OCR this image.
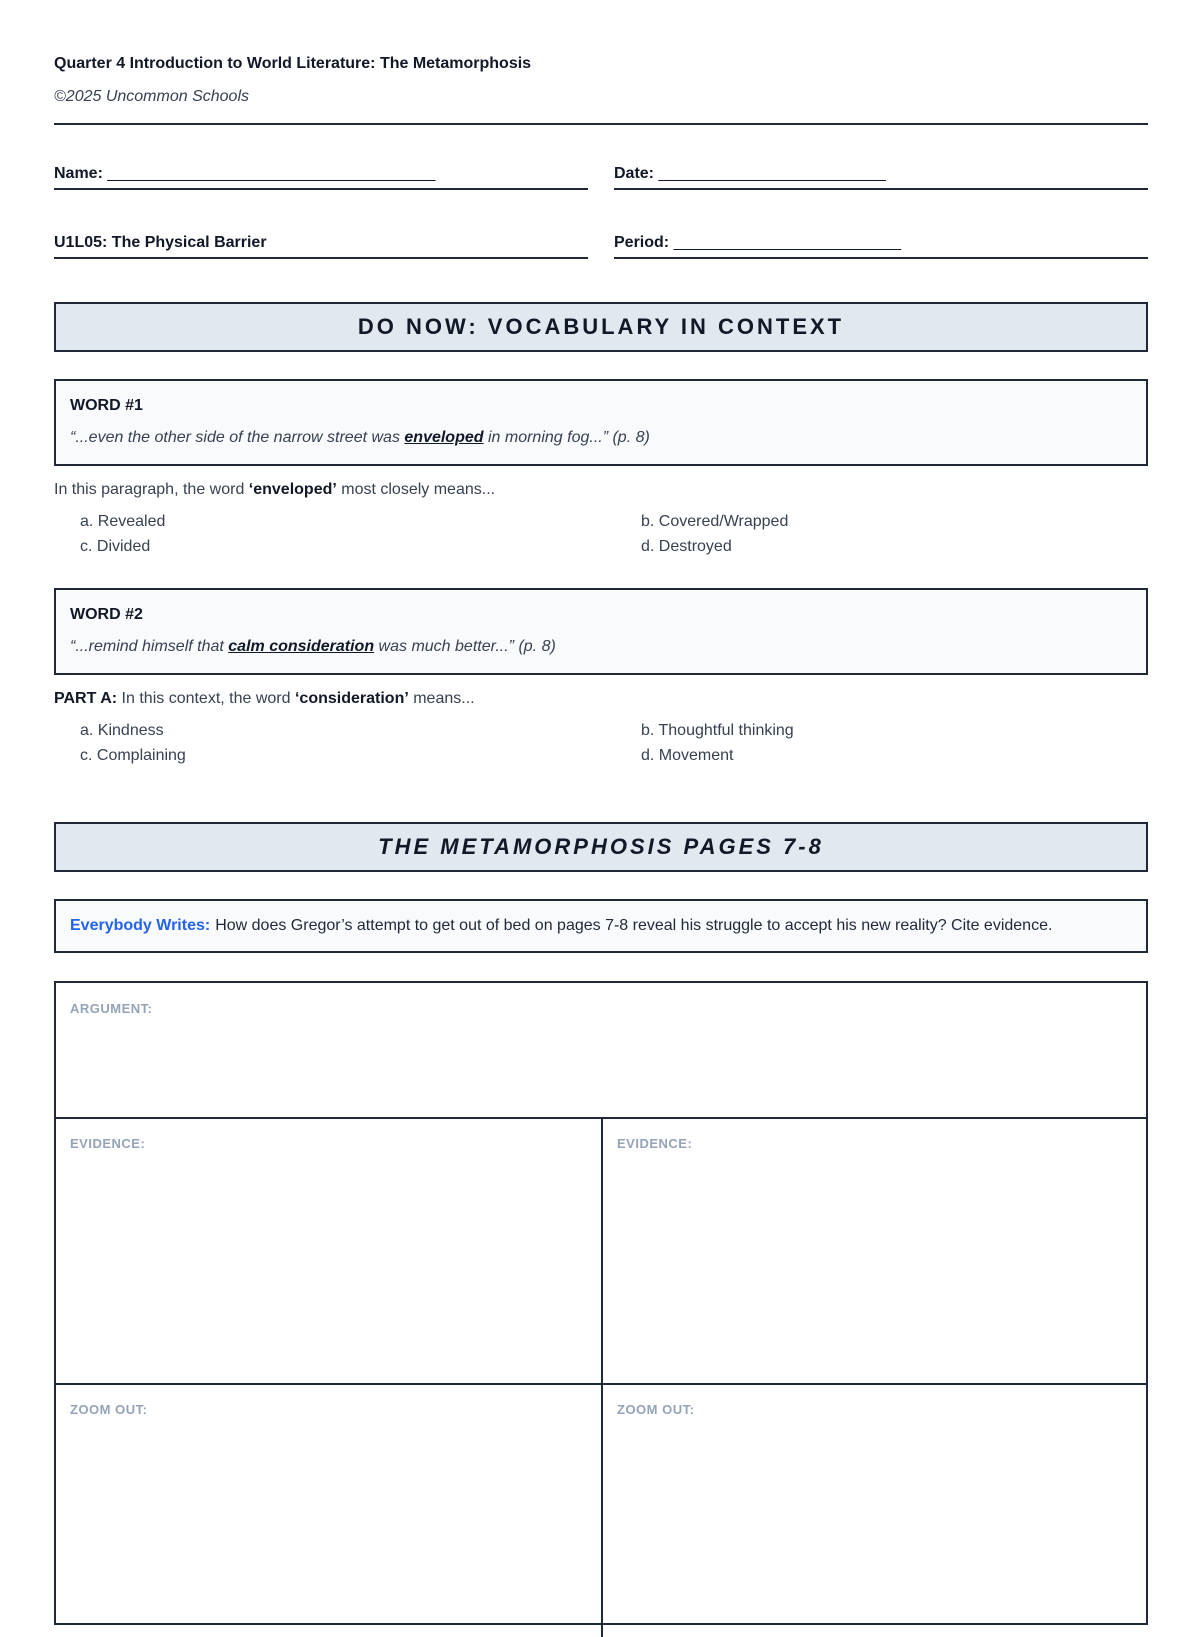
Quarter 4 Introduction to World Literature: The Metamorphosis
©2025 Uncommon Schools
Name: _______________________________________	Date: ___________________________
U1L05: The Physical Barrier	Period: ___________________________
DO NOW: VOCABULARY IN CONTEXT
WORD #1
“...even the other side of the narrow street was enveloped in morning fog...” (p. 8)
In this paragraph, the word ‘enveloped’ most closely means...
a. Revealed	b. Covered/Wrapped
c. Divided	d. Destroyed
WORD #2
“...remind himself that calm consideration was much better...” (p. 8)
PART A: In this context, the word ‘consideration’ means...
a. Kindness	b. Thoughtful thinking
c. Complaining	d. Movement
THE METAMORPHOSIS PAGES 7-8
Everybody Writes: How does Gregor’s attempt to get out of bed on pages 7-8 reveal his struggle to accept his new reality? Cite evidence.
ARGUMENT:
EVIDENCE:	EVIDENCE:
ZOOM OUT:	ZOOM OUT:
